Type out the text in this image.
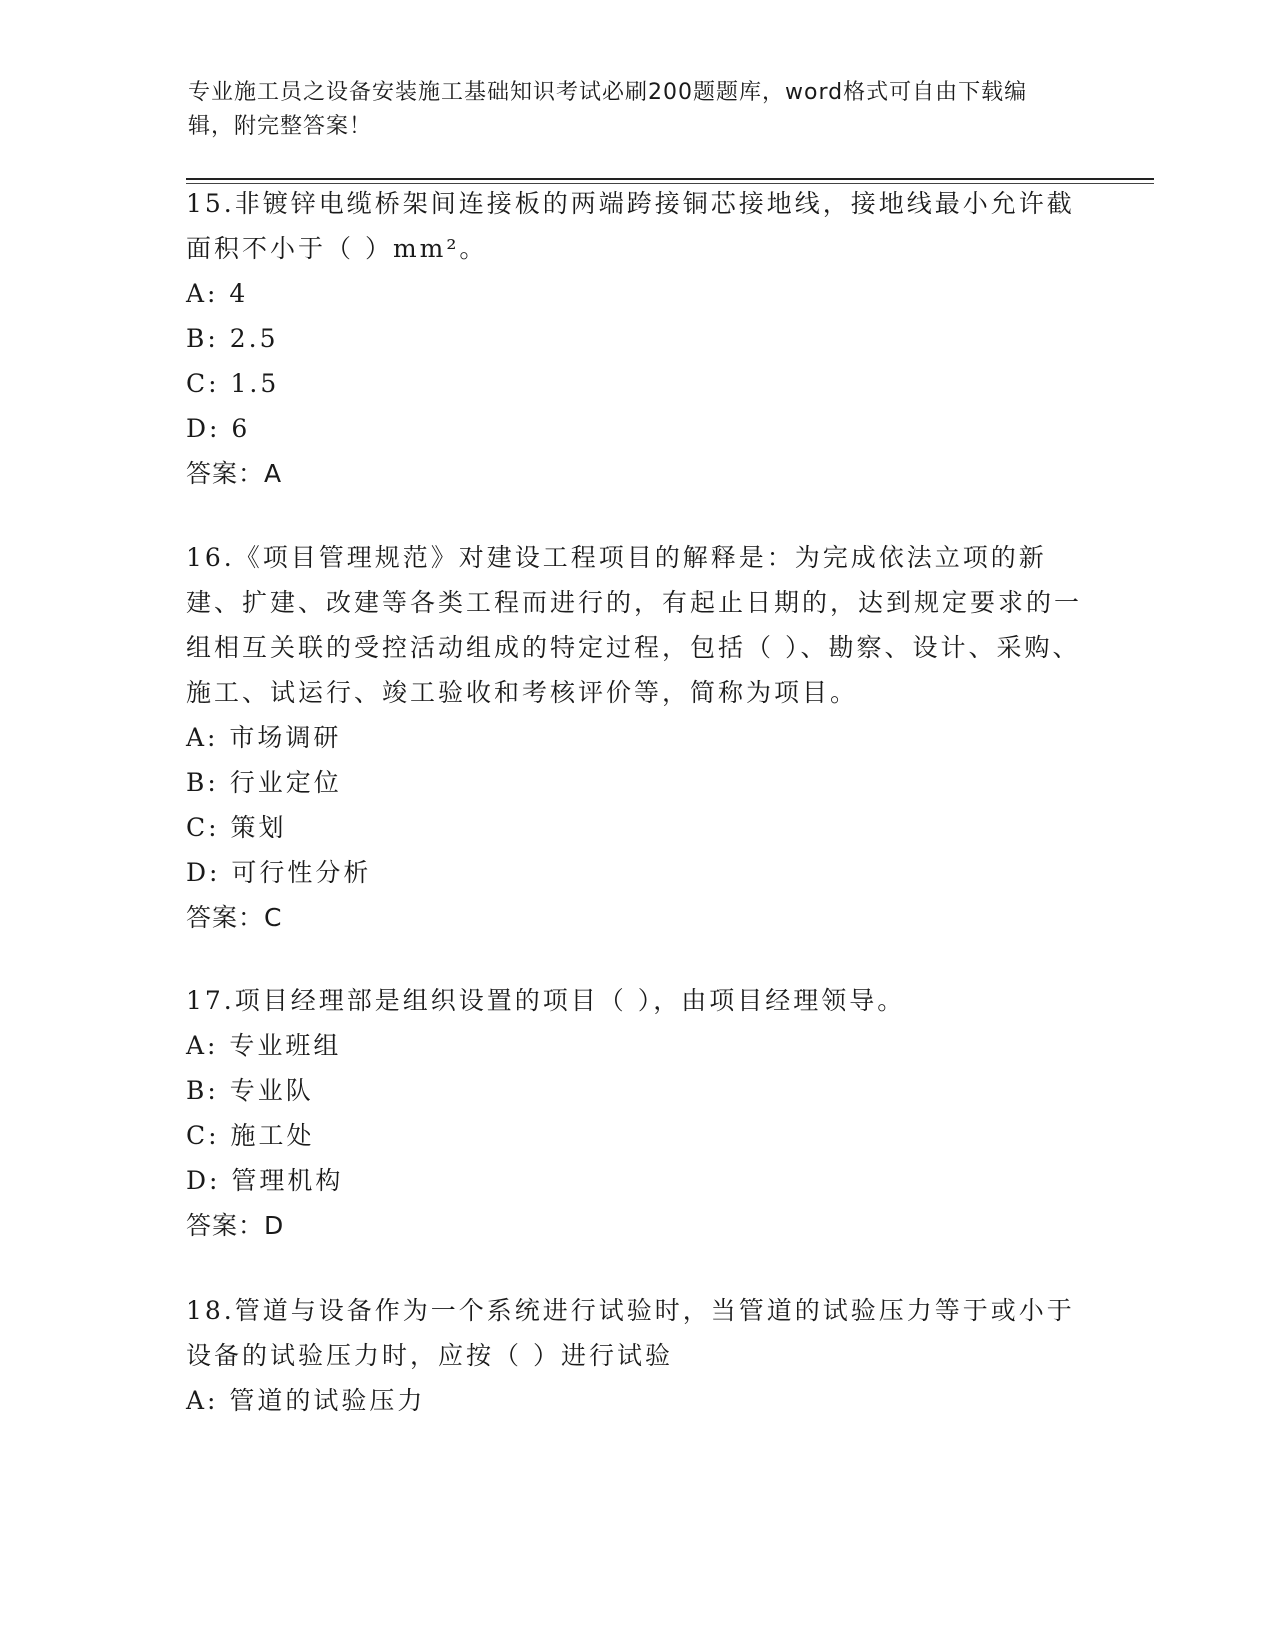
专业施工员之设备安装施工基础知识考试必刷200题题库，word格式可自由下载编辑，附完整答案！

15.非镀锌电缆桥架间连接板的两端跨接铜芯接地线，接地线最小允许截面积不小于（ ）mm²。

A: 4

B: 2.5

C: 1.5

D: 6

答案：A

16.《项目管理规范》对建设工程项目的解释是：为完成依法立项的新建、扩建、改建等各类工程而进行的，有起止日期的，达到规定要求的一组相互关联的受控活动组成的特定过程，包括（ ）、勘察、设计、采购、施工、试运行、竣工验收和考核评价等，简称为项目。

A: 市场调研

B: 行业定位

C: 策划

D: 可行性分析

答案：C

17.项目经理部是组织设置的项目（ ），由项目经理领导。

A: 专业班组

B: 专业队

C: 施工处

D: 管理机构

答案：D

18.管道与设备作为一个系统进行试验时，当管道的试验压力等于或小于设备的试验压力时，应按（ ）进行试验

A: 管道的试验压力
